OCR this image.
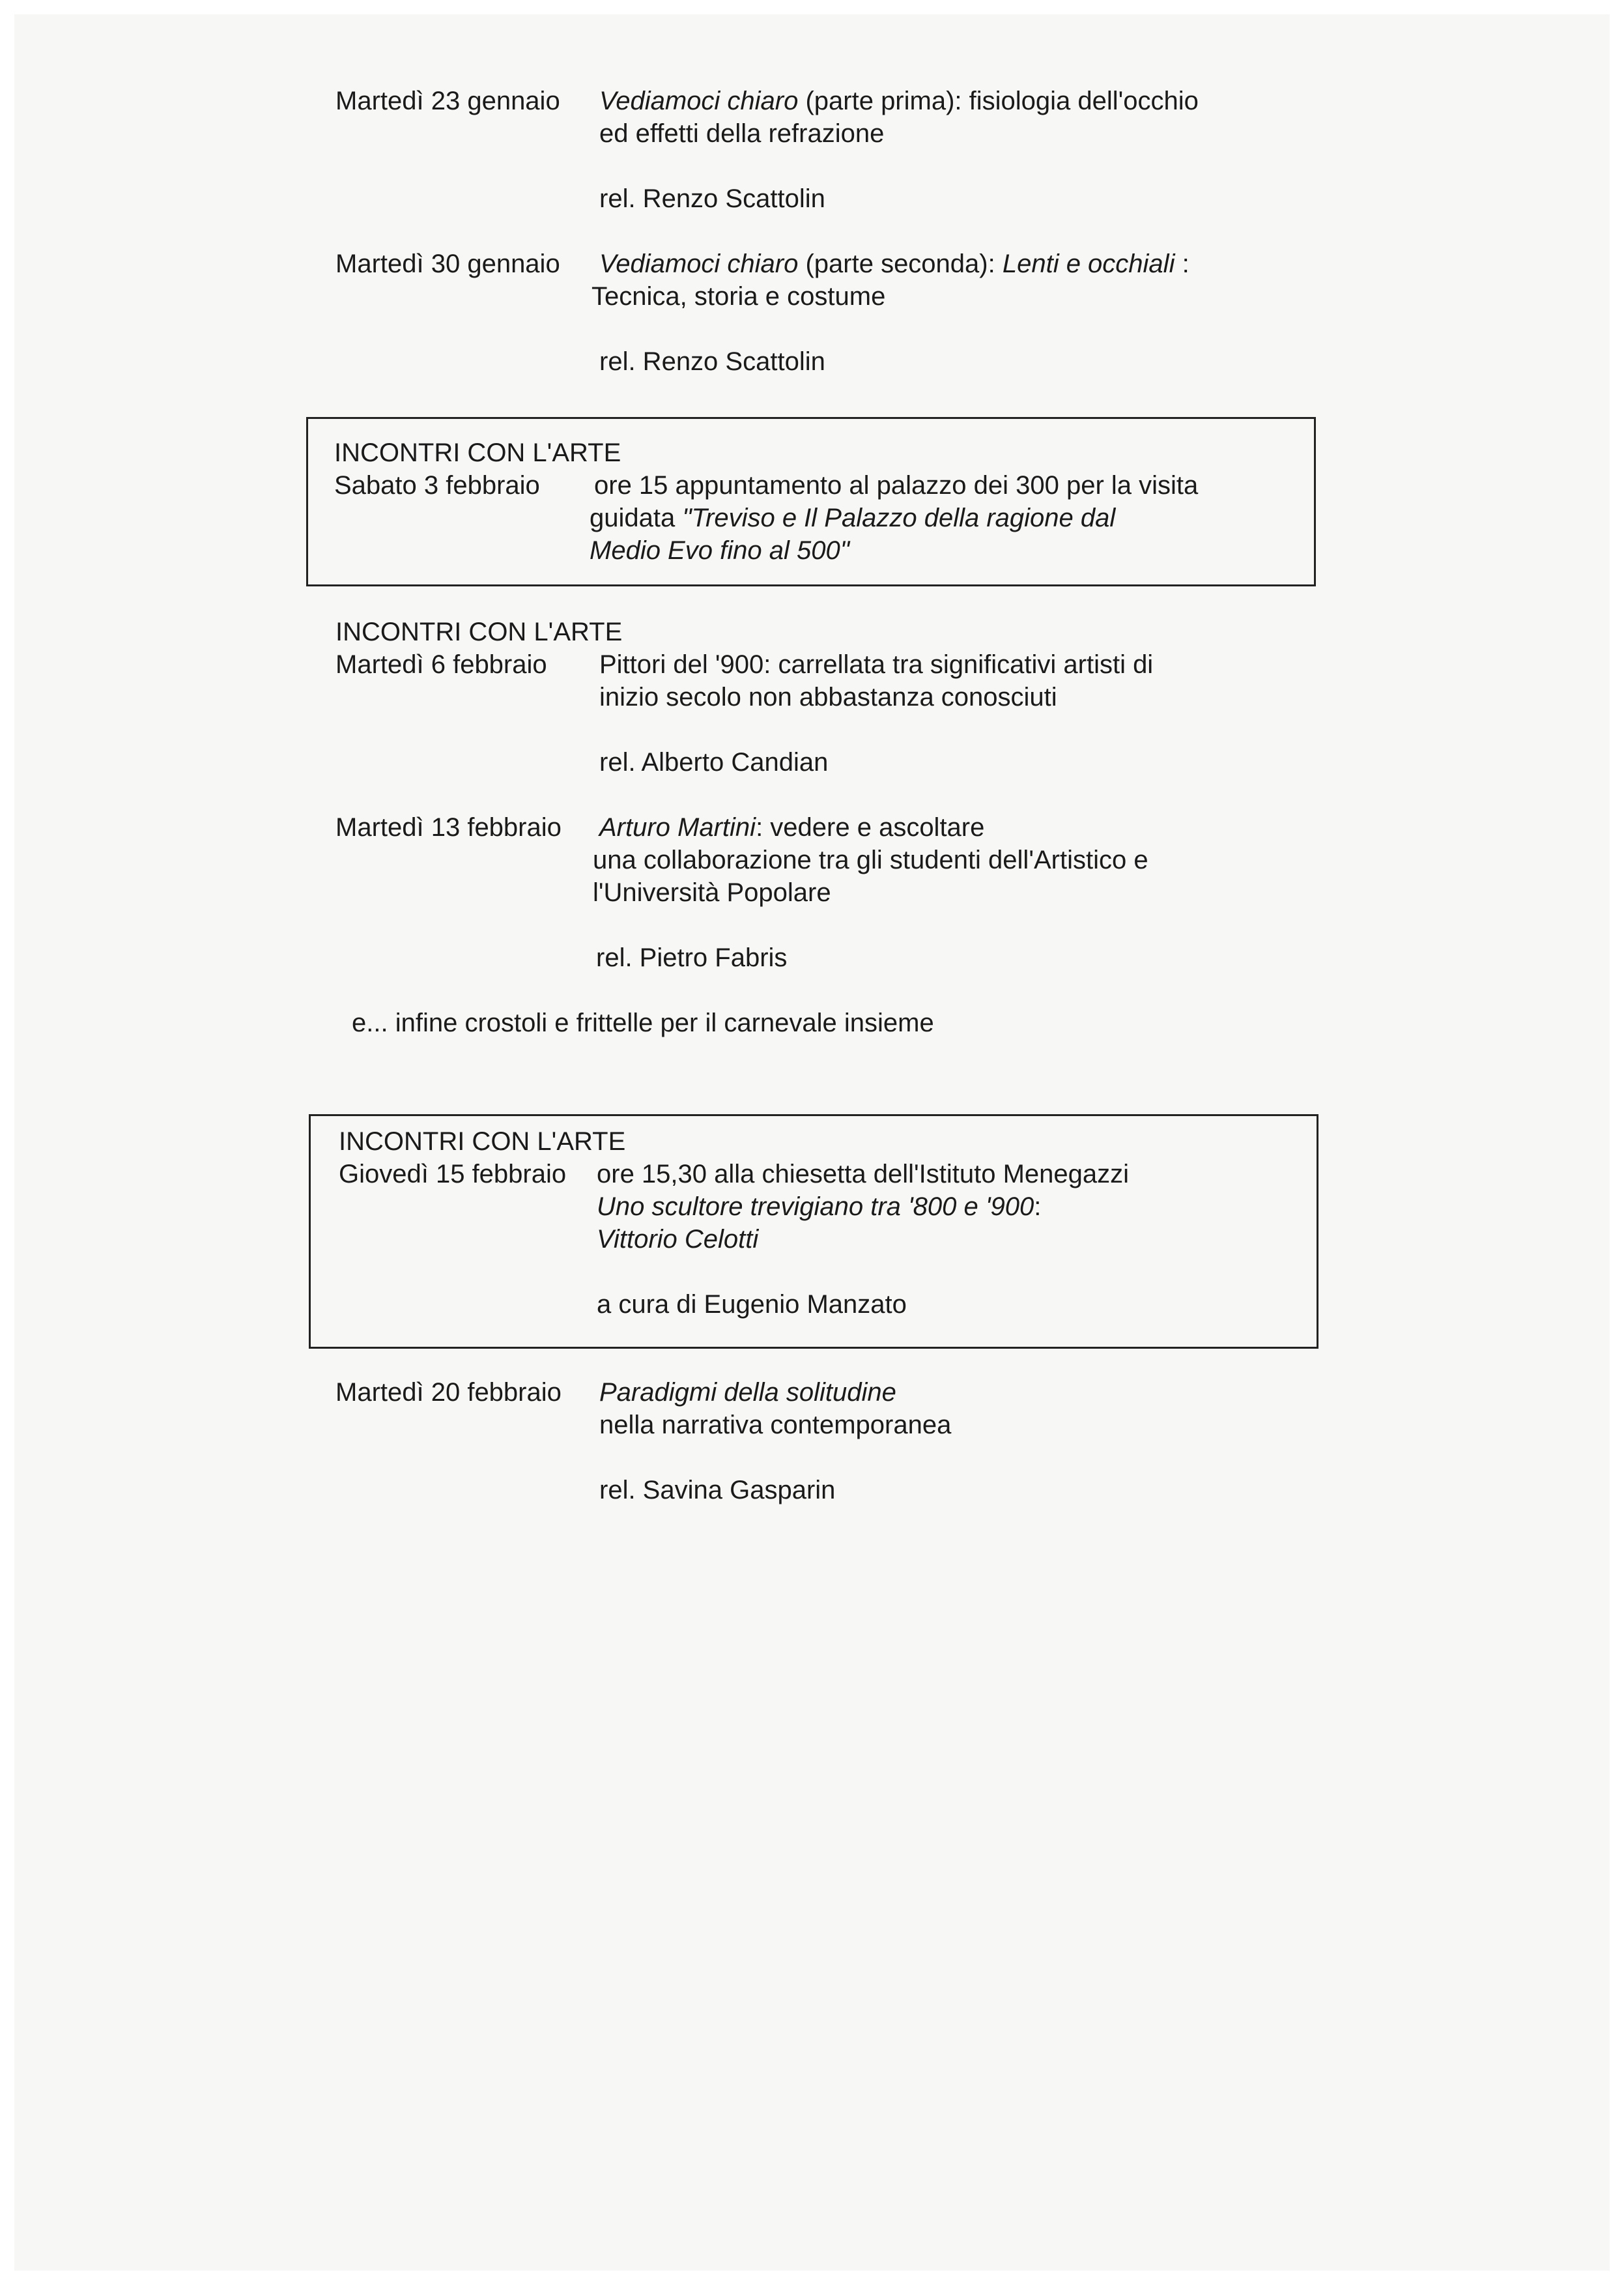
Martedì 23 gennaio Vediamoci chiaro (parte prima): fisiologia dell'occhio
ed effetti della refrazione
rel. Renzo Scattolin
Martedì 30 gennaio Vediamoci chiaro (parte seconda): Lenti e occhiali :
Tecnica, storia e costume
rel. Renzo Scattolin
INCONTRI CON L'ARTE
Sabato 3 febbraio ore 15 appuntamento al palazzo dei 300 per la visita
guidata "Treviso e Il Palazzo della ragione dal
Medio Evo fino al 500"
INCONTRI CON L'ARTE
Martedì 6 febbraio Pittori del '900: carrellata tra significativi artisti di
inizio secolo non abbastanza conosciuti
rel. Alberto Candian
Martedì 13 febbraio Arturo Martini: vedere e ascoltare
una collaborazione tra gli studenti dell'Artistico e
l'Università Popolare
rel. Pietro Fabris
e... infine crostoli e frittelle per il carnevale insieme
INCONTRI CON L'ARTE
Giovedì 15 febbraio ore 15,30 alla chiesetta dell'Istituto Menegazzi
Uno scultore trevigiano tra '800 e '900:
Vittorio Celotti
a cura di Eugenio Manzato
Martedì 20 febbraio Paradigmi della solitudine
nella narrativa contemporanea
rel. Savina Gasparin
